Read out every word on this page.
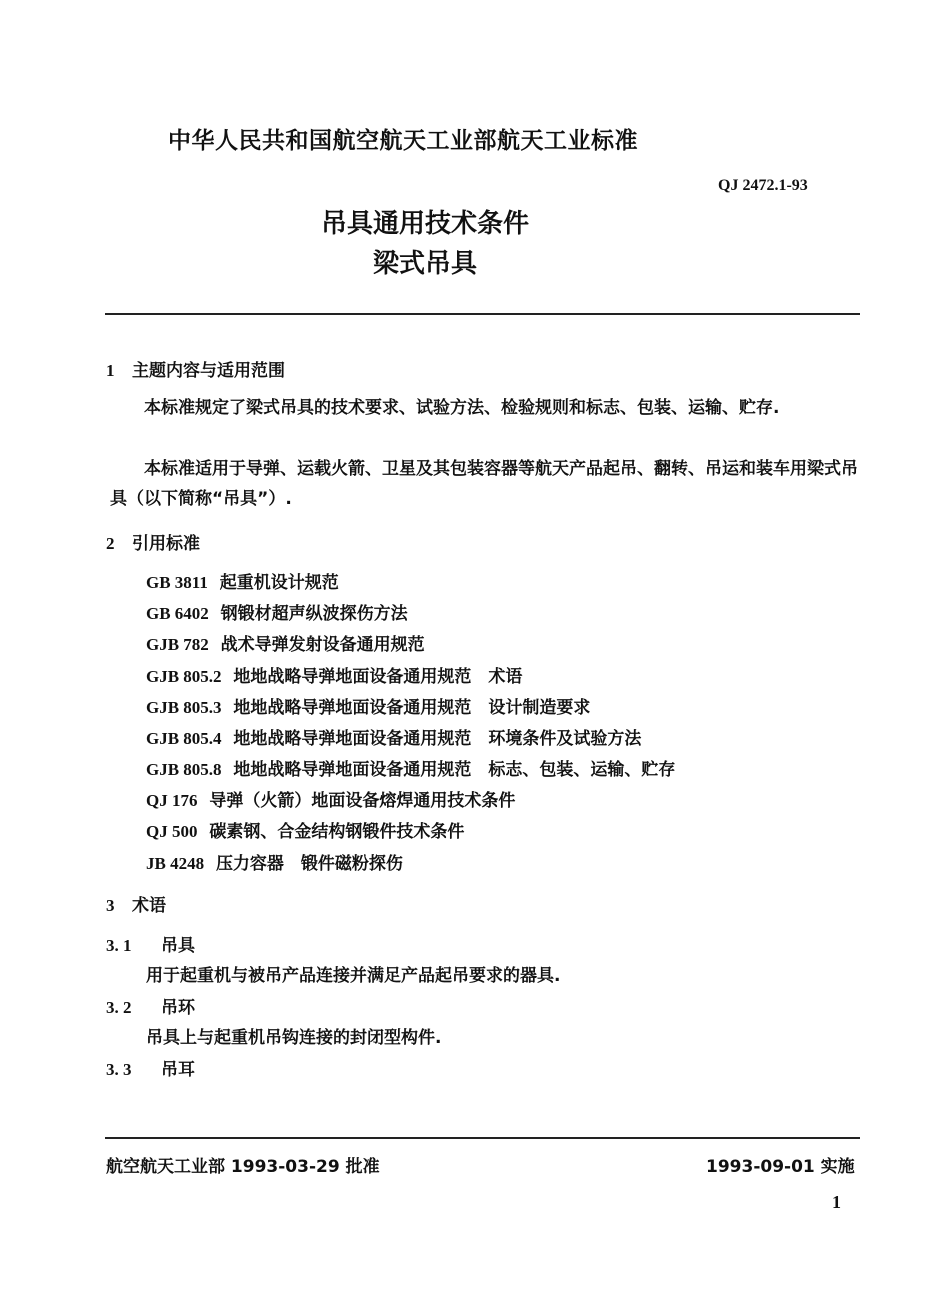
中华人民共和国航空航天工业部航天工业标准
QJ 2472.1-93
吊具通用技术条件
梁式吊具
1 主题内容与适用范围
本标准规定了梁式吊具的技术要求、试验方法、检验规则和标志、包装、运输、贮存.
本标准适用于导弹、运载火箭、卫星及其包装容器等航天产品起吊、翻转、吊运和装车用梁式吊具（以下简称“吊具”）.
2 引用标准
GB 3811 起重机设计规范
GB 6402 钢锻材超声纵波探伤方法
GJB 782 战术导弹发射设备通用规范
GJB 805.2 地地战略导弹地面设备通用规范　术语
GJB 805.3 地地战略导弹地面设备通用规范　设计制造要求
GJB 805.4 地地战略导弹地面设备通用规范　环境条件及试验方法
GJB 805.8 地地战略导弹地面设备通用规范　标志、包装、运输、贮存
QJ 176 导弹（火箭）地面设备熔焊通用技术条件
QJ 500 碳素钢、合金结构钢锻件技术条件
JB 4248 压力容器　锻件磁粉探伤
3 术语
3. 1 吊具
用于起重机与被吊产品连接并满足产品起吊要求的器具.
3. 2 吊环
吊具上与起重机吊钩连接的封闭型构件.
3. 3 吊耳
航空航天工业部 1993-03-29 批准	1993-09-01 实施
1
